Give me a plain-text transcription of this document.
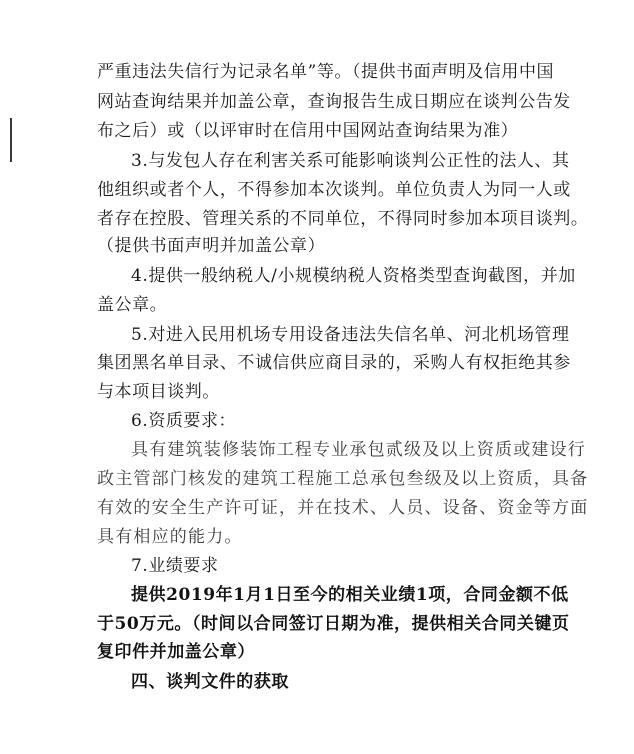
严重违法失信行为记录名单”等。（提供书面声明及信用中国
网站查询结果并加盖公章，查询报告生成日期应在谈判公告发
布之后）或（以评审时在信用中国网站查询结果为准）
3.与发包人存在利害关系可能影响谈判公正性的法人、其
他组织或者个人，不得参加本次谈判。单位负责人为同一人或
者存在控股、管理关系的不同单位，不得同时参加本项目谈判。
（提供书面声明并加盖公章）
4.提供一般纳税人/小规模纳税人资格类型查询截图，并加
盖公章。
5.对进入民用机场专用设备违法失信名单、河北机场管理
集团黑名单目录、不诚信供应商目录的，采购人有权拒绝其参
与本项目谈判。
6.资质要求：
具有建筑装修装饰工程专业承包贰级及以上资质或建设行
政主管部门核发的建筑工程施工总承包叁级及以上资质，具备
有效的安全生产许可证，并在技术、人员、设备、资金等方面
具有相应的能力。
7.业绩要求
提供2019年1月1日至今的相关业绩1项，合同金额不低
于50万元。（时间以合同签订日期为准，提供相关合同关键页
复印件并加盖公章）
四、谈判文件的获取
